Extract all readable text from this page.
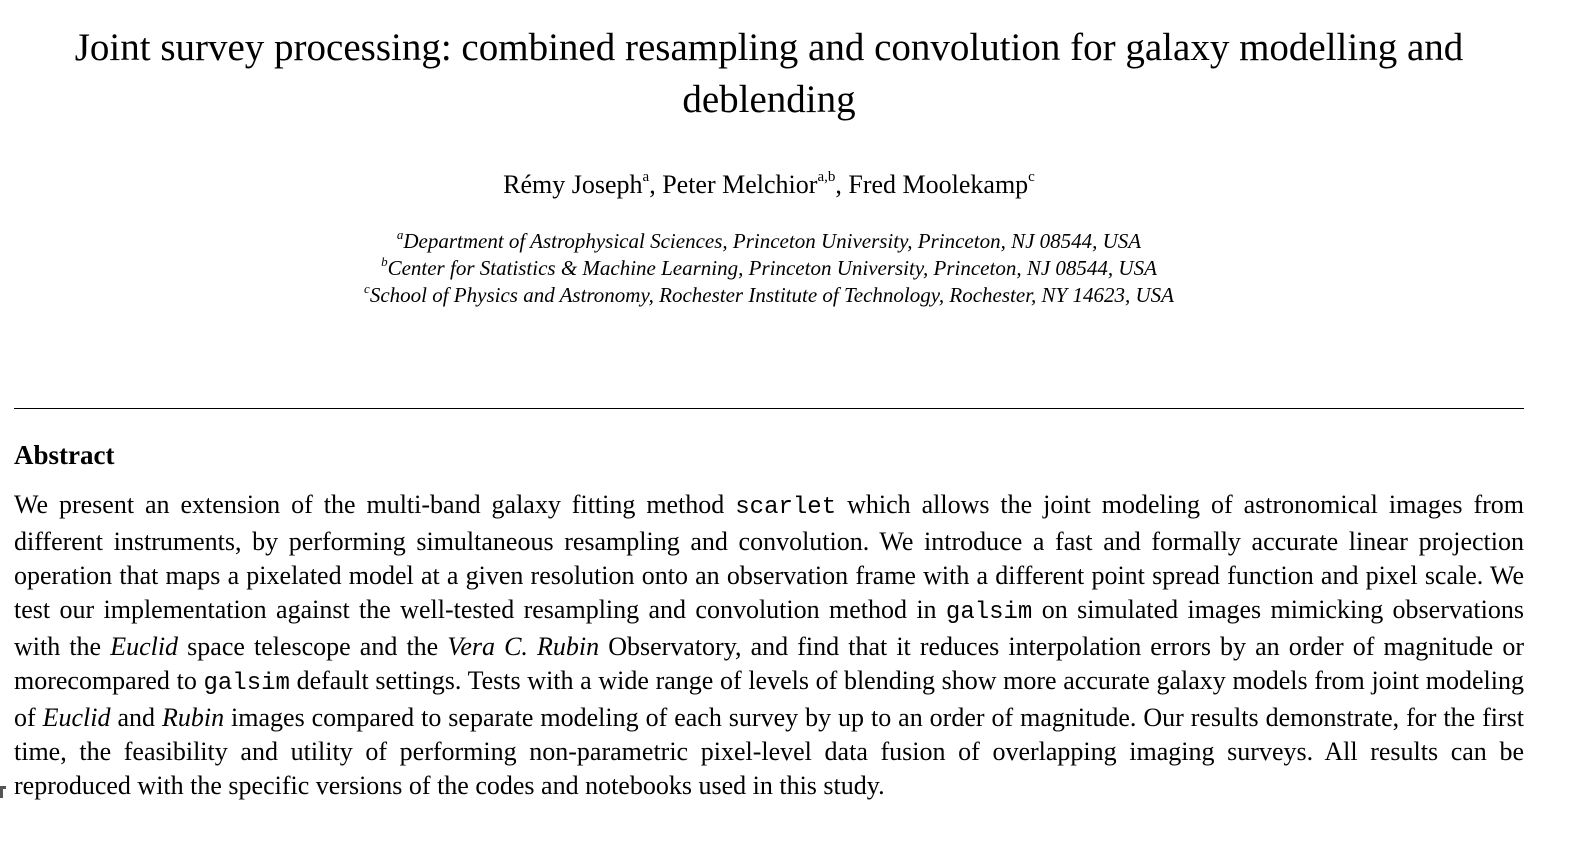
Joint survey processing: combined resampling and convolution for galaxy modelling and deblending
Rémy Joseph$^a$, Peter Melchior$^{a,b}$, Fred Moolekamp$^c$
$^a$Department of Astrophysical Sciences, Princeton University, Princeton, NJ 08544, USA
$^b$Center for Statistics & Machine Learning, Princeton University, Princeton, NJ 08544, USA
$^c$School of Physics and Astronomy, Rochester Institute of Technology, Rochester, NY 14623, USA
Abstract

We present an extension of the multi-band galaxy fitting method scarlet which allows the joint modeling of astronomical images from different instruments, by performing simultaneous resampling and convolution. We introduce a fast and formally accurate linear projection operation that maps a pixelated model at a given resolution onto an observation frame with a different point spread function and pixel scale. We test our implementation against the well-tested resampling and convolution method in galsim on simulated images mimicking observations with the Euclid space telescope and the Vera C. Rubin Observatory, and find that it reduces interpolation errors by an order of magnitude or morecompared to galsim default settings. Tests with a wide range of levels of blending show more accurate galaxy models from joint modeling of Euclid and Rubin images compared to separate modeling of each survey by up to an order of magnitude. Our results demonstrate, for the first time, the feasibility and utility of performing non-parametric pixel-level data fusion of overlapping imaging surveys. All results can be reproduced with the specific versions of the codes and notebooks used in this study.
